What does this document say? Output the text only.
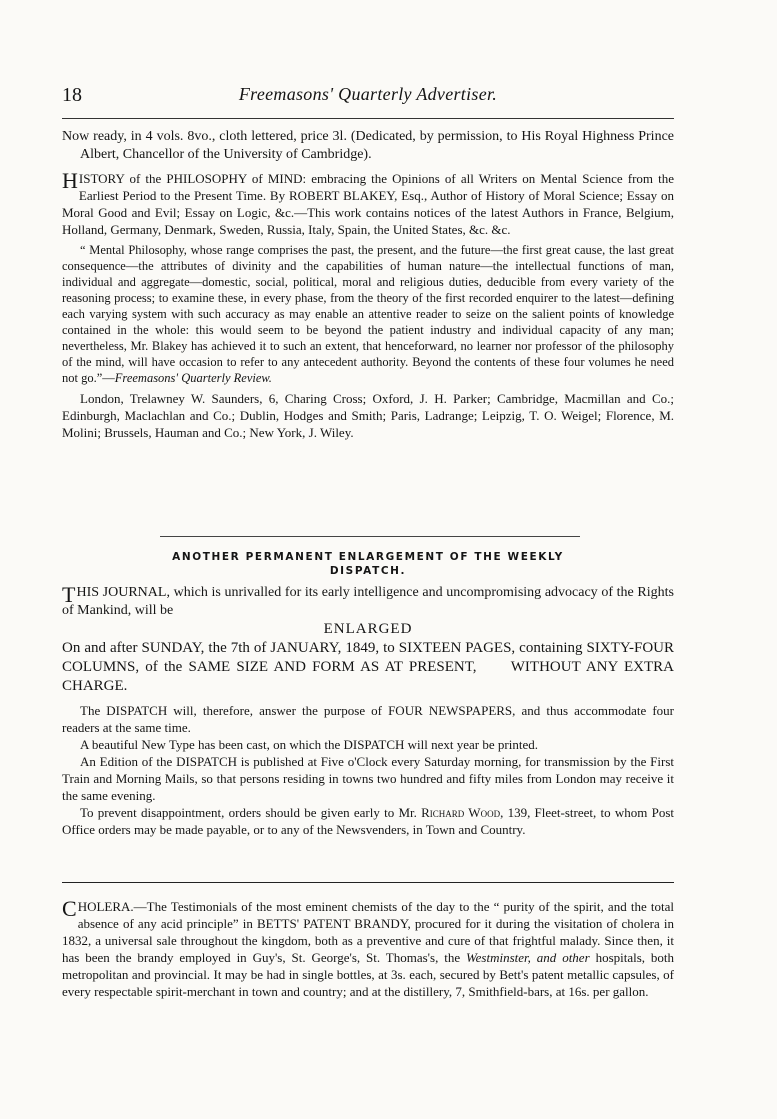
18	Freemasons' Quarterly Advertiser.

Now ready, in 4 vols. 8vo., cloth lettered, price 3l. (Dedicated, by permission, to His Royal Highness Prince Albert, Chancellor of the University of Cambridge).

HISTORY of the PHILOSOPHY of MIND: embracing the Opinions of all Writers on Mental Science from the Earliest Period to the Present Time. By ROBERT BLAKEY, Esq., Author of History of Moral Science; Essay on Moral Good and Evil; Essay on Logic, &c.—This work contains notices of the latest Authors in France, Belgium, Holland, Germany, Denmark, Sweden, Russia, Italy, Spain, the United States, &c. &c.

“ Mental Philosophy, whose range comprises the past, the present, and the future—the first great cause, the last great consequence—the attributes of divinity and the capabilities of human nature—the intellectual functions of man, individual and aggregate—domestic, social, political, moral and religious duties, deducible from every variety of the reasoning process; to examine these, in every phase, from the theory of the first recorded enquirer to the latest—defining each varying system with such accuracy as may enable an attentive reader to seize on the salient points of knowledge contained in the whole: this would seem to be beyond the patient industry and individual capacity of any man; nevertheless, Mr. Blakey has achieved it to such an extent, that henceforward, no learner nor professor of the philosophy of the mind, will have occasion to refer to any antecedent authority. Beyond the contents of these four volumes he need not go.”—Freemasons' Quarterly Review.

London, Trelawney W. Saunders, 6, Charing Cross; Oxford, J. H. Parker; Cambridge, Macmillan and Co.; Edinburgh, Maclachlan and Co.; Dublin, Hodges and Smith; Paris, Ladrange; Leipzig, T. O. Weigel; Florence, M. Molini; Brussels, Hauman and Co.; New York, J. Wiley.

ANOTHER PERMANENT ENLARGEMENT OF THE WEEKLY
DISPATCH.

THIS JOURNAL, which is unrivalled for its early intelligence and uncompromising advocacy of the Rights of Mankind, will be

ENLARGED

On and after SUNDAY, the 7th of JANUARY, 1849, to SIXTEEN PAGES, containing SIXTY-FOUR COLUMNS, of the SAME SIZE AND FORM AS AT PRESENT, WITHOUT ANY EXTRA CHARGE.

The DISPATCH will, therefore, answer the purpose of FOUR NEWSPAPERS, and thus accommodate four readers at the same time.

A beautiful New Type has been cast, on which the DISPATCH will next year be printed.

An Edition of the DISPATCH is published at Five o'Clock every Saturday morning, for transmission by the First Train and Morning Mails, so that persons residing in towns two hundred and fifty miles from London may receive it the same evening.

To prevent disappointment, orders should be given early to Mr. Richard Wood, 139, Fleet-street, to whom Post Office orders may be made payable, or to any of the Newsvenders, in Town and Country.

CHOLERA.—The Testimonials of the most eminent chemists of the day to the “ purity of the spirit, and the total absence of any acid principle” in BETTS' PATENT BRANDY, procured for it during the visitation of cholera in 1832, a universal sale throughout the kingdom, both as a preventive and cure of that frightful malady. Since then, it has been the brandy employed in Guy's, St. George's, St. Thomas's, the Westminster, and other hospitals, both metropolitan and provincial. It may be had in single bottles, at 3s. each, secured by Bett's patent metallic capsules, of every respectable spirit-merchant in town and country; and at the distillery, 7, Smithfield-bars, at 16s. per gallon.
